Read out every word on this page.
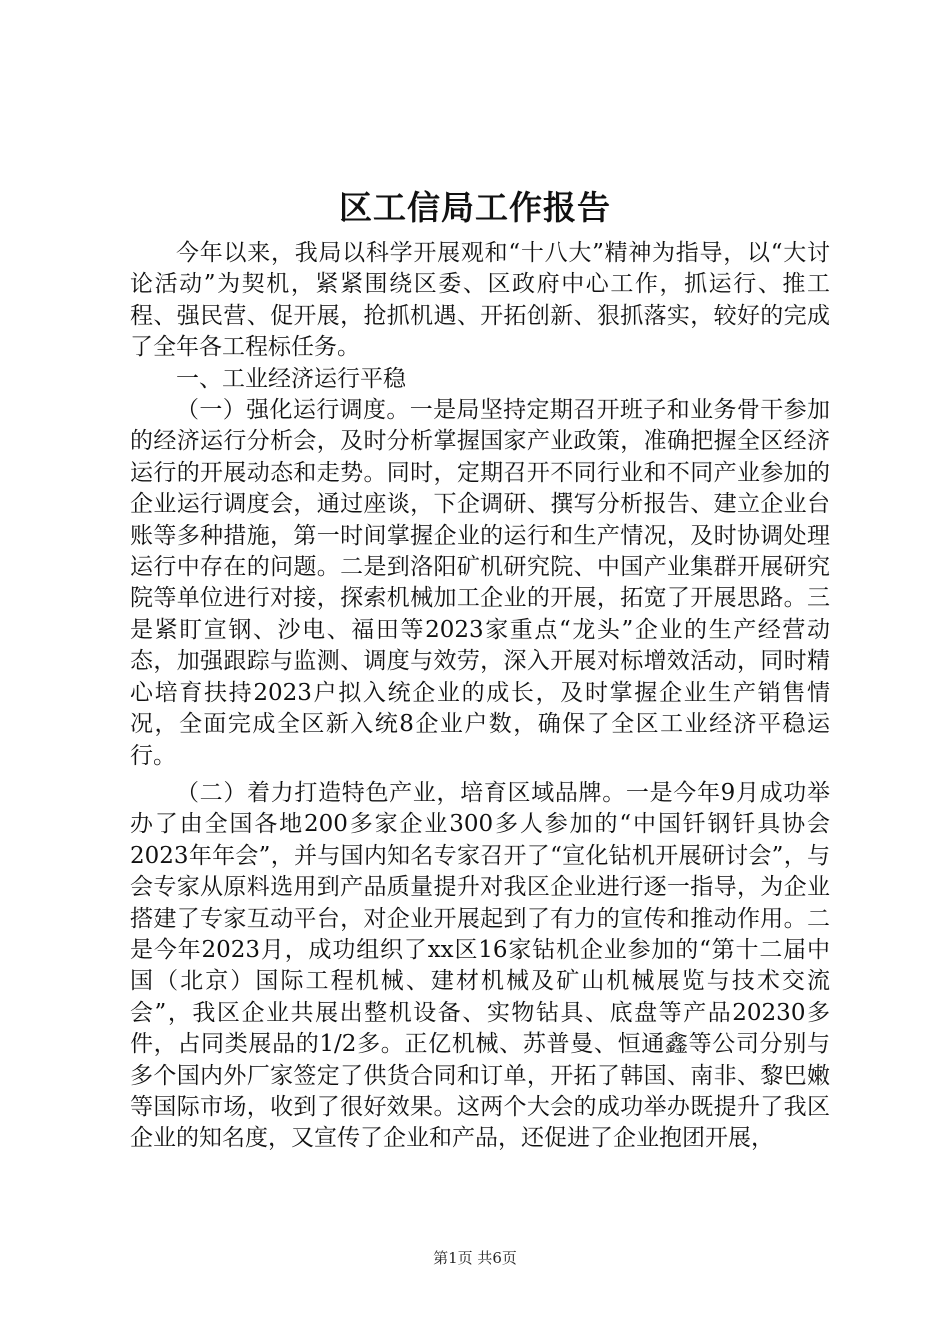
区工信局工作报告

今年以来，我局以科学开展观和“十八大”精神为指导，以“大讨论活动”为契机，紧紧围绕区委、区政府中心工作，抓运行、推工程、强民营、促开展，抢抓机遇、开拓创新、狠抓落实，较好的完成了全年各工程标任务。

一、工业经济运行平稳

（一）强化运行调度。一是局坚持定期召开班子和业务骨干参加的经济运行分析会，及时分析掌握国家产业政策，准确把握全区经济运行的开展动态和走势。同时，定期召开不同行业和不同产业参加的企业运行调度会，通过座谈，下企调研、撰写分析报告、建立企业台账等多种措施，第一时间掌握企业的运行和生产情况，及时协调处理运行中存在的问题。二是到洛阳矿机研究院、中国产业集群开展研究院等单位进行对接，探索机械加工企业的开展，拓宽了开展思路。三是紧盯宣钢、沙电、福田等2023家重点“龙头”企业的生产经营动态，加强跟踪与监测、调度与效劳，深入开展对标增效活动，同时精心培育扶持2023户拟入统企业的成长，及时掌握企业生产销售情况，全面完成全区新入统8企业户数，确保了全区工业经济平稳运行。

（二）着力打造特色产业，培育区域品牌。一是今年9月成功举办了由全国各地200多家企业300多人参加的“中国钎钢钎具协会2023年年会”，并与国内知名专家召开了“宣化钻机开展研讨会”，与会专家从原料选用到产品质量提升对我区企业进行逐一指导，为企业搭建了专家互动平台，对企业开展起到了有力的宣传和推动作用。二是今年2023月，成功组织了xx区16家钻机企业参加的“第十二届中国（北京）国际工程机械、建材机械及矿山机械展览与技术交流会”，我区企业共展出整机设备、实物钻具、底盘等产品20230多件，占同类展品的1/2多。正亿机械、苏普曼、恒通鑫等公司分别与多个国内外厂家签定了供货合同和订单，开拓了韩国、南非、黎巴嫩等国际市场，收到了很好效果。这两个大会的成功举办既提升了我区企业的知名度，又宣传了企业和产品，还促进了企业抱团开展，

第1页 共6页
